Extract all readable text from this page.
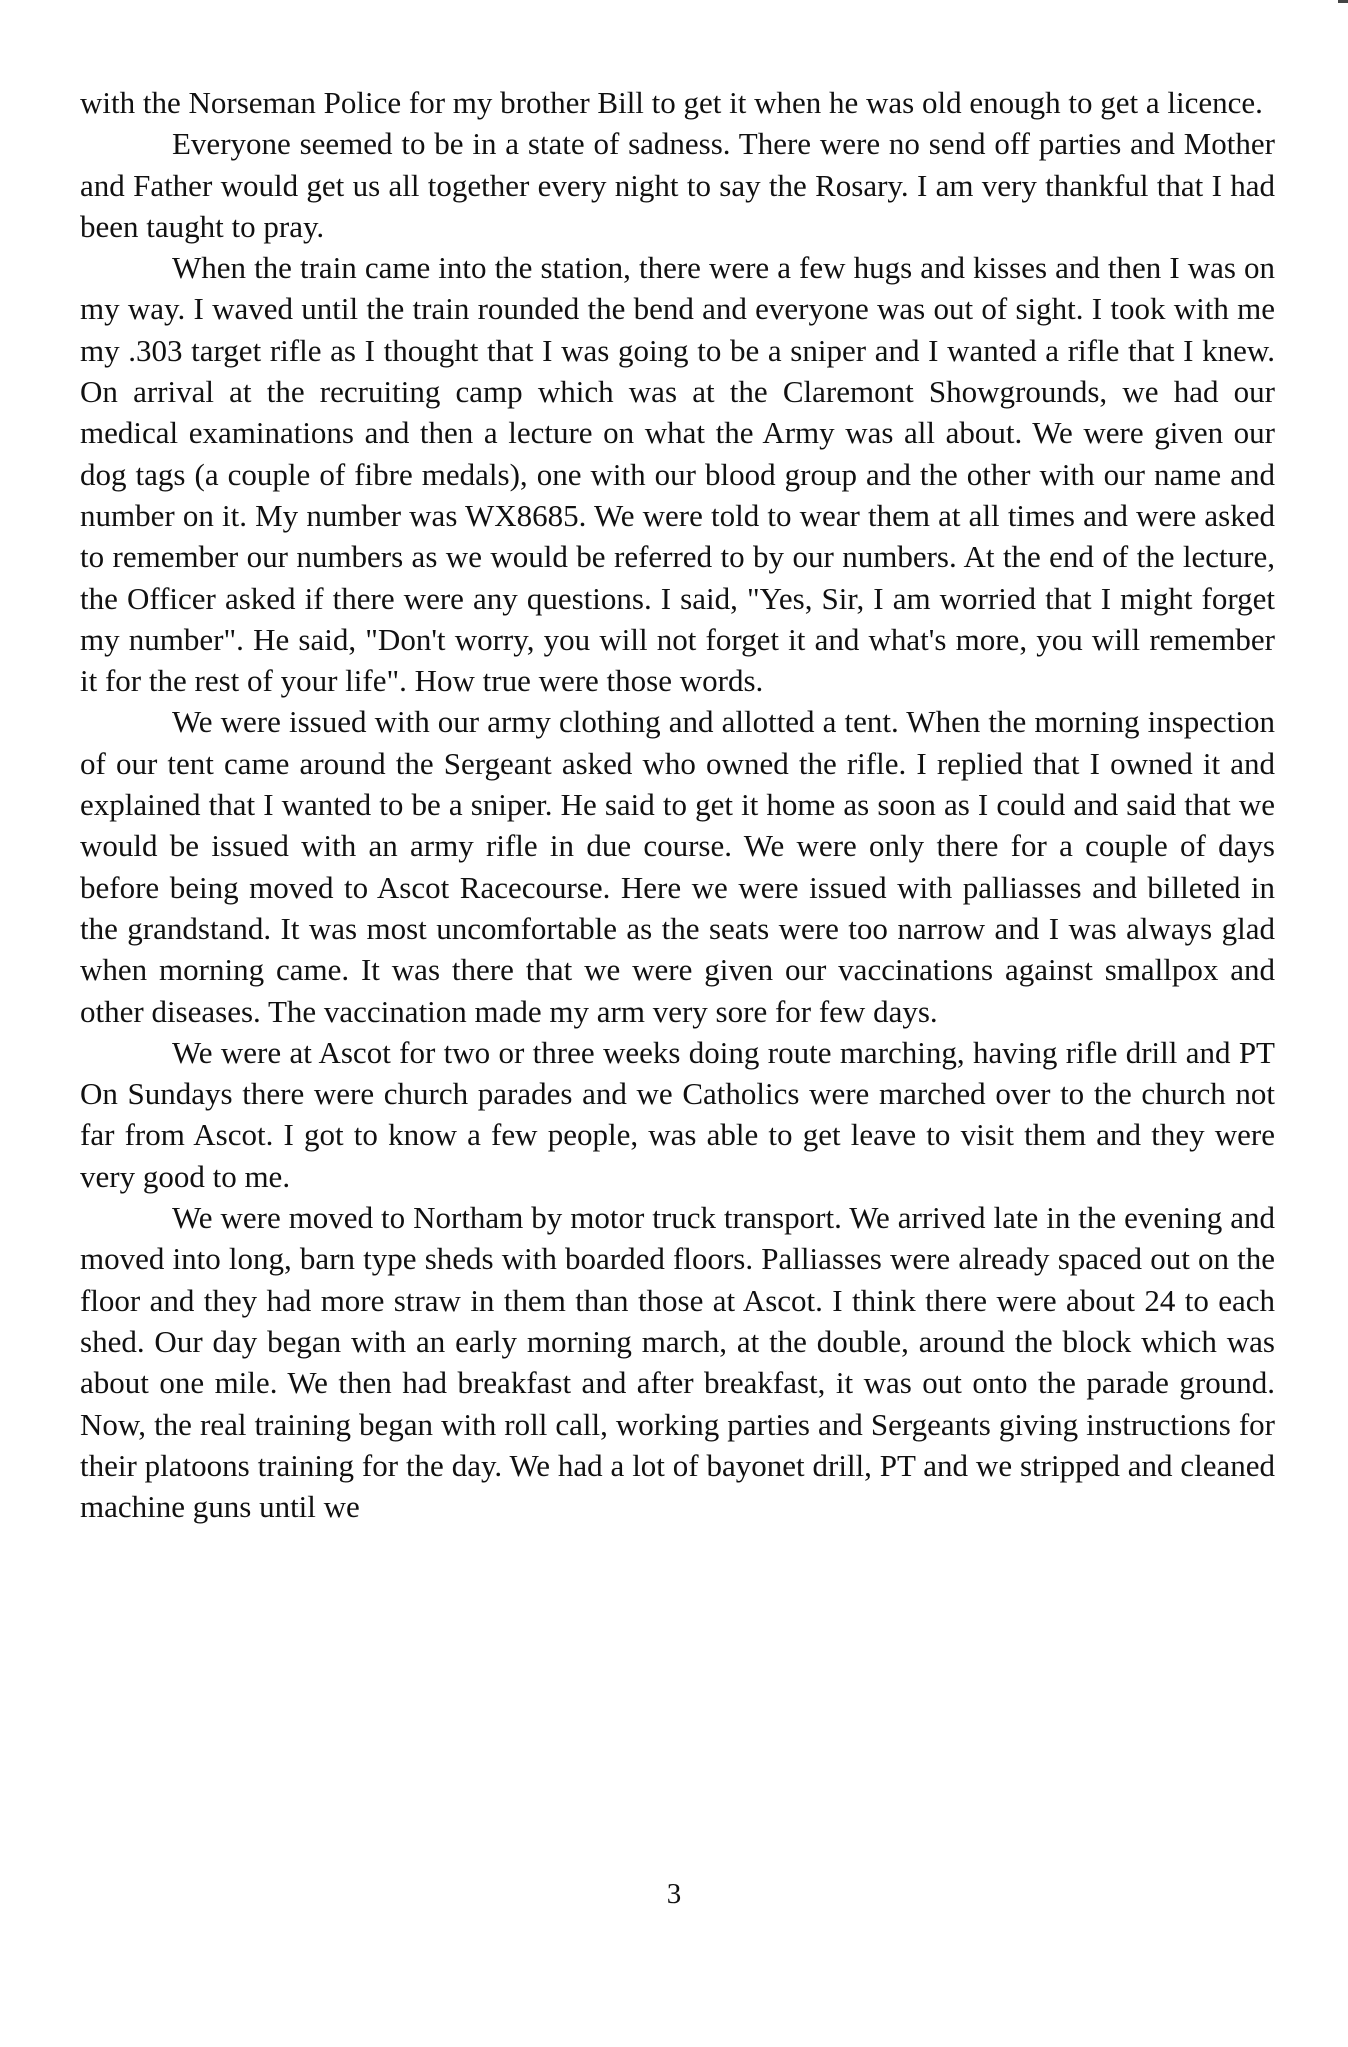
with the Norseman Police for my brother Bill to get it when he was old enough to get a licence.

Everyone seemed to be in a state of sadness. There were no send off parties and Mother and Father would get us all together every night to say the Rosary. I am very thankful that I had been taught to pray.

When the train came into the station, there were a few hugs and kisses and then I was on my way. I waved until the train rounded the bend and everyone was out of sight. I took with me my .303 target rifle as I thought that I was going to be a sniper and I wanted a rifle that I knew. On arrival at the recruiting camp which was at the Claremont Showgrounds, we had our medical examinations and then a lecture on what the Army was all about. We were given our dog tags (a couple of fibre medals), one with our blood group and the other with our name and number on it. My number was WX8685. We were told to wear them at all times and were asked to remember our numbers as we would be referred to by our numbers. At the end of the lecture, the Officer asked if there were any questions. I said, "Yes, Sir, I am worried that I might forget my number". He said, "Don't worry, you will not forget it and what's more, you will remember it for the rest of your life". How true were those words.

We were issued with our army clothing and allotted a tent. When the morning inspection of our tent came around the Sergeant asked who owned the rifle. I replied that I owned it and explained that I wanted to be a sniper. He said to get it home as soon as I could and said that we would be issued with an army rifle in due course. We were only there for a couple of days before being moved to Ascot Racecourse. Here we were issued with palliasses and billeted in the grandstand. It was most uncomfortable as the seats were too narrow and I was always glad when morning came. It was there that we were given our vaccinations against smallpox and other diseases. The vaccination made my arm very sore for few days.

We were at Ascot for two or three weeks doing route marching, having rifle drill and PT On Sundays there were church parades and we Catholics were marched over to the church not far from Ascot. I got to know a few people, was able to get leave to visit them and they were very good to me.

We were moved to Northam by motor truck transport. We arrived late in the evening and moved into long, barn type sheds with boarded floors. Palliasses were already spaced out on the floor and they had more straw in them than those at Ascot. I think there were about 24 to each shed. Our day began with an early morning march, at the double, around the block which was about one mile. We then had breakfast and after breakfast, it was out onto the parade ground. Now, the real training began with roll call, working parties and Sergeants giving instructions for their platoons training for the day. We had a lot of bayonet drill, PT and we stripped and cleaned machine guns until we

3
